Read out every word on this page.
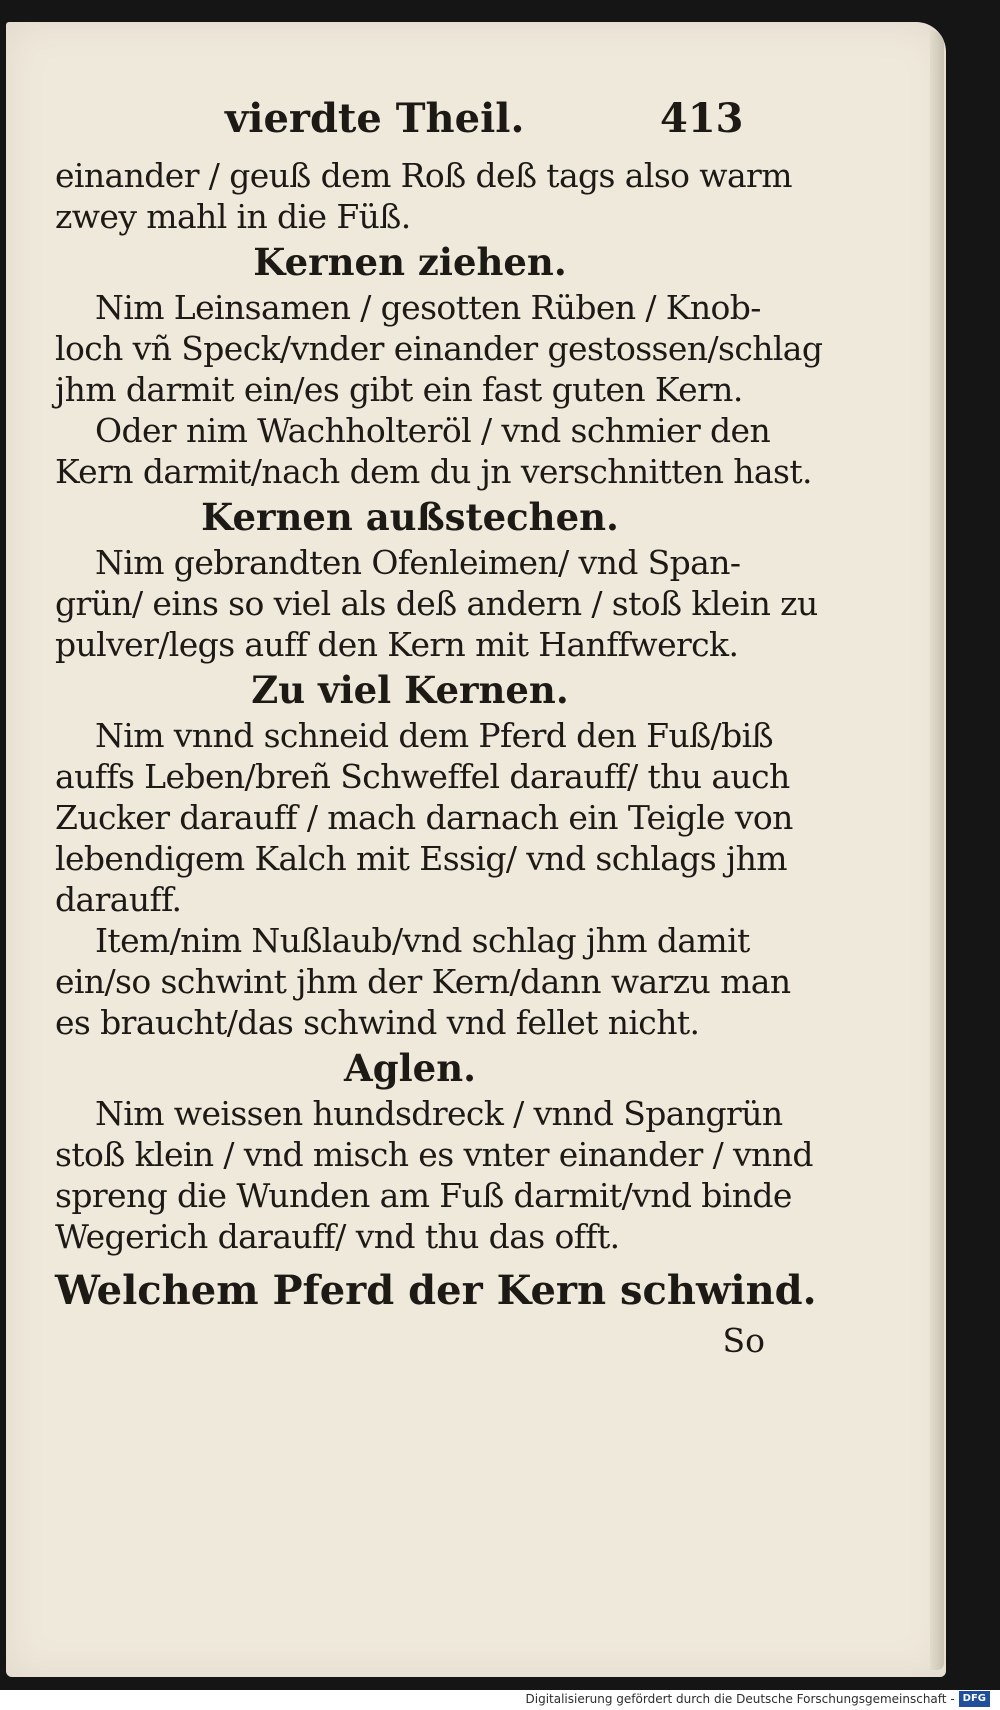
vierdte Theil.	413
einander / geuß dem Roß deß tags also warm
zwey mahl in die Füß.
Kernen ziehen.
Nim Leinsamen / gesotten Rüben / Knob-
loch vñ Speck/vnder einander gestossen/schlag
jhm darmit ein/es gibt ein fast guten Kern.
Oder nim Wachholteröl / vnd schmier den
Kern darmit/nach dem du jn verschnitten hast.
Kernen außstechen.
Nim gebrandten Ofenleimen/ vnd Span-
grün/ eins so viel als deß andern / stoß klein zu
pulver/legs auff den Kern mit Hanffwerck.
Zu viel Kernen.
Nim vnnd schneid dem Pferd den Fuß/biß
auffs Leben/breñ Schweffel darauff/ thu auch
Zucker darauff / mach darnach ein Teigle von
lebendigem Kalch mit Essig/ vnd schlags jhm
darauff.
Item/nim Nußlaub/vnd schlag jhm damit
ein/so schwint jhm der Kern/dann warzu man
es braucht/das schwind vnd fellet nicht.
Aglen.
Nim weissen hundsdreck / vnnd Spangrün
stoß klein / vnd misch es vnter einander / vnnd
spreng die Wunden am Fuß darmit/vnd binde
Wegerich darauff/ vnd thu das offt.
Welchem Pferd der Kern schwind.
So
Digitalisierung gefördert durch die Deutsche Forschungsgemeinschaft - DFG
